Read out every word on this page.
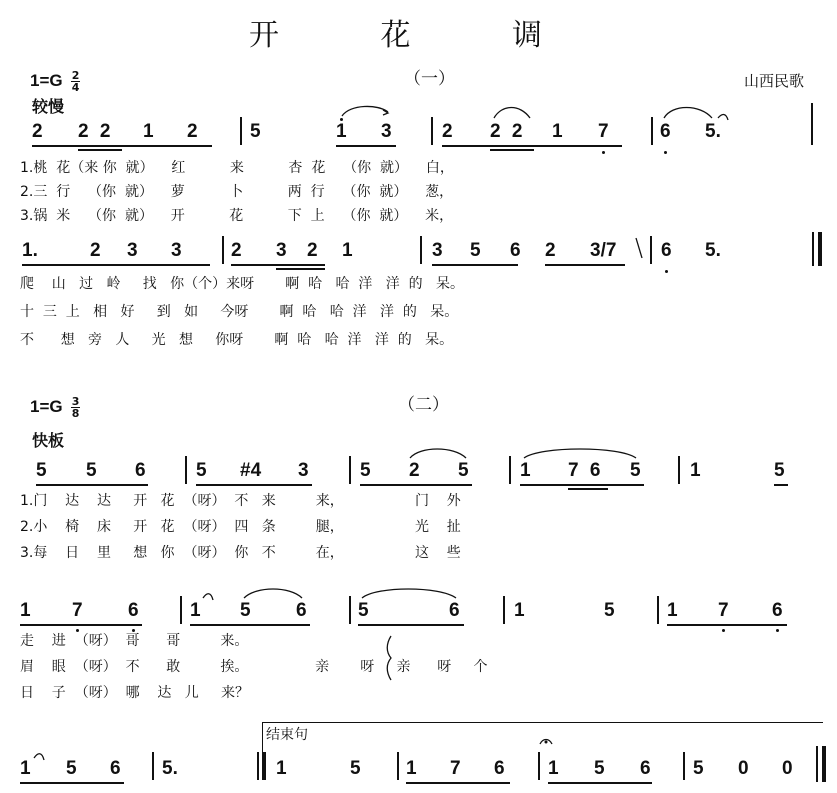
开 花 调
（一）
$1=G \frac{2}{4}$
较慢
山西民歌
2 2 2 1 2	5	1 3	2 2 2 1 7	6 5.
1.桃  花（来 你  就）    红          来          杏  花    （你  就）    白，
2.三  行    （你  就）    萝          卜          两  行    （你  就）    葱，
3.锅  米    （你  就）    开          花          下  上    （你  就）    米，
1.	2 3 3	2 3 2 1	3 5 6 2 3/7 6 5.
爬    山   过   岭     找   你（个）来呀       啊  哈   哈  洋   洋  的   呆。
十  三  上   相   好     到   如     今呀       啊  哈   哈  洋   洋  的   呆。
不      想   旁   人     光   想     你呀       啊  哈   哈  洋   洋  的   呆。
（二）
$1=G \frac{3}{8}$
快板
5 5 6	5 #4 3	5 2 5	1 7 6 5	1	5
1.门    达    达     开   花  （呀）  不   来         来，                门    外
2.小    椅    床     开   花  （呀）  四   条         腿，                光    扯
3.每    日    里     想   你  （呀）  你   不         在，                这    些
1 7 6	1 5 6	5	6	1	5	1 7 6
走    进  （呀）  哥      哥         来。
眉    眼  （呀）  不      敢         挨。               亲       呀     亲      呀     个
日    子  （呀）  哪    达   儿     来？
结束句
1 5 6 5.	1	5 1 7 6 1 5 6 5 0 0
